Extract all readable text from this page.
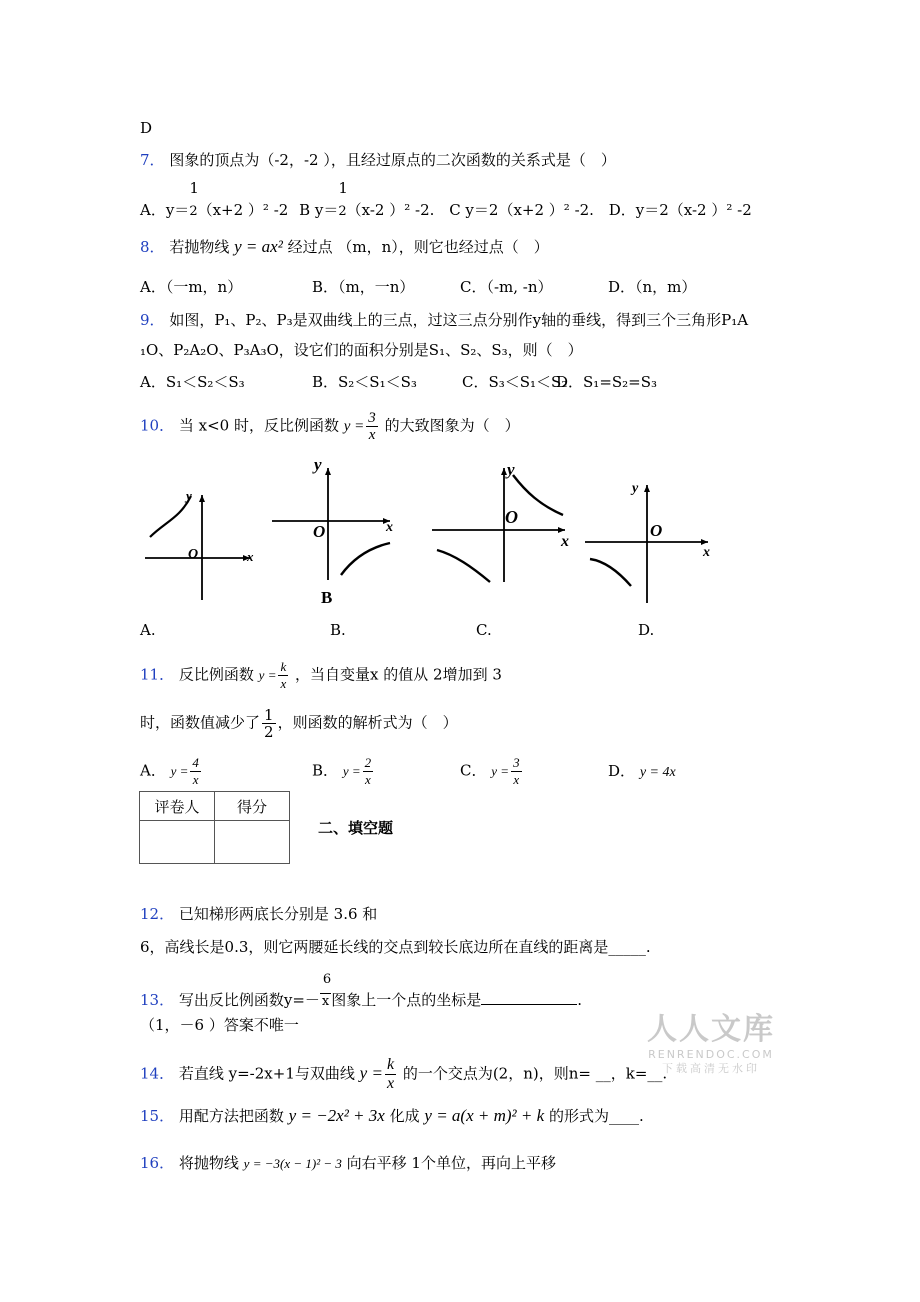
D
7． 图象的顶点为（-2，-2 ），且经过原点的二次函数的关系式是（　）
A．y＝
1
2（x+2 ）² -2 B y＝
1
2（x-2 ）² -2. C y＝2（x+2 ）² -2. D．y＝2（x-2 ）² -2
8． 若抛物线 y = ax² 经过点 （m，n），则它也经过点（　）
A．（一m，n）	B．（m，一n）	C．（-m, -n）	D．（n，m）
9． 如图，P₁、P₂、P₃是双曲线上的三点，过这三点分别作y轴的垂线，得到三个三角形P₁A
₁O、P₂A₂O、P₃A₃O，设它们的面积分别是S₁、S₂、S₃，则（　）
A．S₁＜S₂＜S₃	B．S₂＜S₁＜S₃	C．S₃＜S₁＜S₂D．S₁=S₂=S₃
10． 当 x<0 时，反比例函数 $y = \frac{3}{x}$ 的大致图象为（　）
y
O	x
y
O	x
B
y
O
x
y
O
x
A.	B.	C.	D.
11． 反比例函数 $y = \frac{k}{x}$ ，当自变量x 的值从 2增加到 3
时，函数值减少了 $\frac{1}{2}$ ，则函数的解析式为（　）
A． $y = \frac{4}{x}$	B． $y = \frac{2}{x}$	C． $y = \frac{3}{x}$	D． y = 4x
评卷人	得分

二、填空题
12． 已知梯形两底长分别是 3.6 和
6，高线长是0.3，则它两腰延长线的交点到较长底边所在直线的距离是_____.
13． 写出反比例函数$y=- \frac{6}{x}$图象上一个点的坐标是	.
（1，－6 ）答案不唯一	人人文库
RENRENDOC.COM
下载高清无水印
14． 若直线 y=-2x+1与双曲线 $y = \frac{k}{x}$ 的一个交点为(2，n)，则n= __，k=__.
15． 用配方法把函数 y = −2x² + 3x 化成 y = a(x + m)² + k 的形式为____.
16． 将抛物线 y = −3(x − 1)² − 3 向右平移 1个单位，再向上平移
